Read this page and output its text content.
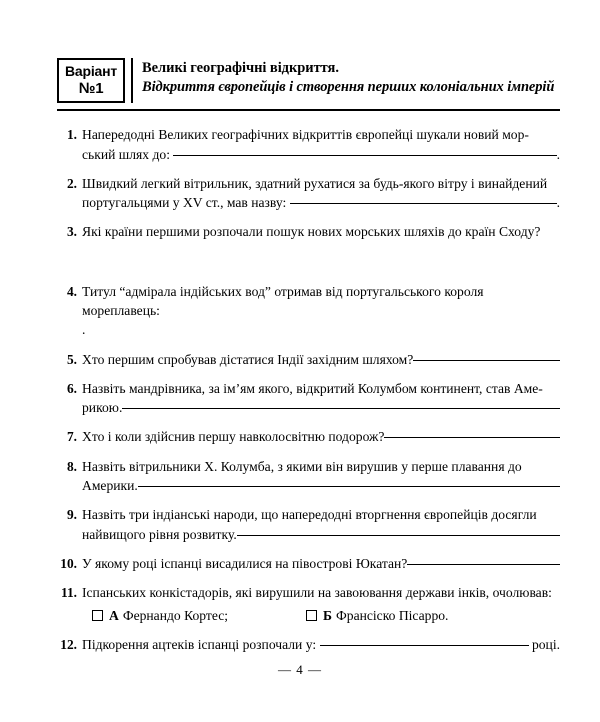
Варіант
№1
Великі географічні відкриття.
Відкриття європейців і створення перших колоніальних імперій
1. Напередодні Великих географічних відкриттів європейці шукали новий мор-
ський шлях до:	.
2. Швидкий легкий вітрильник, здатний рухатися за будь-якого вітру і винайдений
португальцями у XV ст., мав назву:	.
3. Які країни першими розпочали пошук нових морських шляхів до країн Сходу?
4. Титул “адмірала індійських вод” отримав від португальського короля мореплавець:
.
5. Хто першим спробував дістатися Індії західним шляхом?
6. Назвіть мандрівника, за ім’ям якого, відкритий Колумбом континент, став Аме-
рикою.
7. Хто і коли здійснив першу навколосвітню подорож?
8. Назвіть вітрильники Х. Колумба, з якими він вирушив у перше плавання до
Америки.
9. Назвіть три індіанські народи, що напередодні вторгнення європейців досягли
найвищого рівня розвитку.
10. У якому році іспанці висадилися на півострові Юкатан?
11. Іспанських конкістадорів, які вирушили на завоювання держави інків, очолював:
А Фернандо Кортес;	Б Франсіско Пісарро.
12. Підкорення ацтеків іспанці розпочали у:	році.
— 4 —
